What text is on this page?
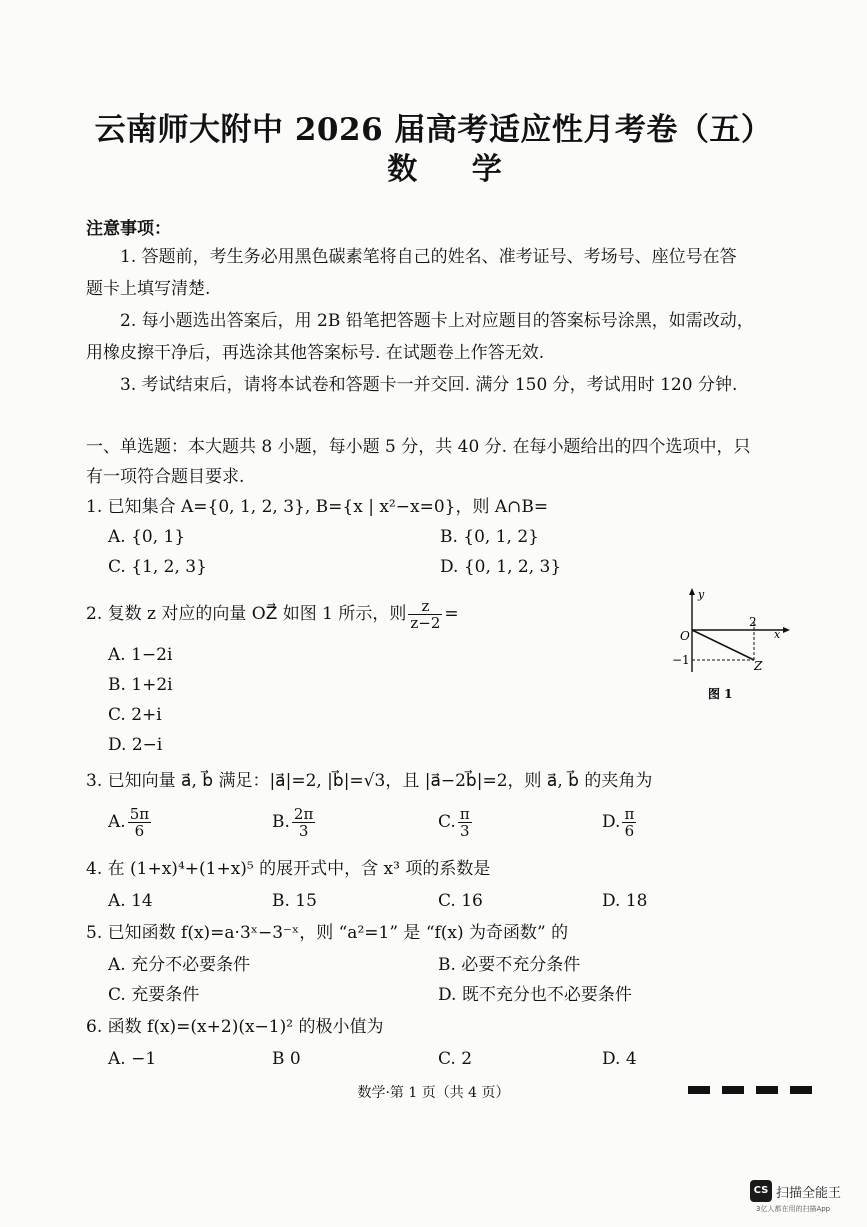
云南师大附中 2026 届高考适应性月考卷（五）
数 学
注意事项：
1. 答题前，考生务必用黑色碳素笔将自己的姓名、准考证号、考场号、座位号在答
题卡上填写清楚.
2. 每小题选出答案后，用 2B 铅笔把答题卡上对应题目的答案标号涂黑，如需改动，
用橡皮擦干净后，再选涂其他答案标号. 在试题卷上作答无效.
3. 考试结束后，请将本试卷和答题卡一并交回. 满分 150 分，考试用时 120 分钟.
一、单选题：本大题共 8 小题，每小题 5 分，共 40 分. 在每小题给出的四个选项中，只
有一项符合题目要求.
1. 已知集合 A={0, 1, 2, 3}, B={x | x²−x=0}，则 A∩B=
A. {0, 1}	B. {0, 1, 2}
C. {1, 2, 3}	D. {0, 1, 2, 3}
2. 复数 z 对应的向量 OZ⃗ 如图 1 所示，则 $\frac{z}{z-2}$ =
A. 1−2i
B. 1+2i
C. 2+i
D. 2−i
y
x
O
2
−1	Z
图 1
3. 已知向量 a⃗, b⃗ 满足：|a⃗|=2, |b⃗|=√3，且 |a⃗−2b⃗|=2，则 a⃗, b⃗ 的夹角为
A. $\frac{5\pi}{6}$	B. $\frac{2\pi}{3}$	C. $\frac{\pi}{3}$	D. $\frac{\pi}{6}$
4. 在 (1+x)⁴+(1+x)⁵ 的展开式中，含 x³ 项的系数是
A. 14	B. 15	C. 16	D. 18
5. 已知函数 f(x)=a·3ˣ−3⁻ˣ，则 “a²=1” 是 “f(x) 为奇函数” 的
A. 充分不必要条件	B. 必要不充分条件
C. 充要条件	D. 既不充分也不必要条件
6. 函数 f(x)=(x+2)(x−1)² 的极小值为
A. −1	B 0	C. 2	D. 4
数学·第 1 页（共 4 页）
CS 扫描全能王
3亿人都在用的扫描App
